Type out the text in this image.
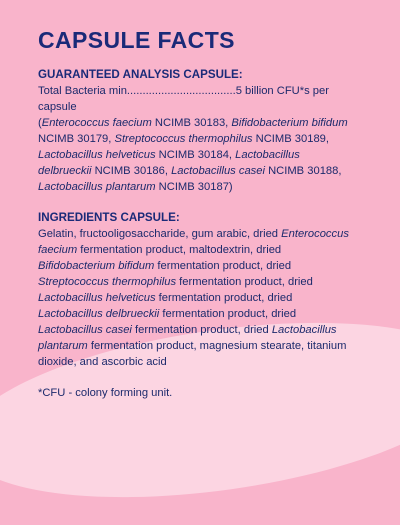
CAPSULE FACTS
GUARANTEED ANALYSIS CAPSULE:
Total Bacteria min...................................5 billion CFU*s per capsule
(Enterococcus faecium NCIMB 30183, Bifidobacterium bifidum
NCIMB 30179, Streptococcus thermophilus NCIMB 30189,
Lactobacillus helveticus NCIMB 30184, Lactobacillus
delbrueckii NCIMB 30186, Lactobacillus casei NCIMB 30188,
Lactobacillus plantarum NCIMB 30187)
INGREDIENTS CAPSULE:
Gelatin, fructooligosaccharide, gum arabic, dried Enterococcus
faecium fermentation product, maltodextrin, dried
Bifidobacterium bifidum fermentation product, dried
Streptococcus thermophilus fermentation product, dried
Lactobacillus helveticus fermentation product, dried
Lactobacillus delbrueckii fermentation product, dried
Lactobacillus casei fermentation product, dried Lactobacillus
plantarum fermentation product, magnesium stearate, titanium
dioxide, and ascorbic acid
*CFU - colony forming unit.
